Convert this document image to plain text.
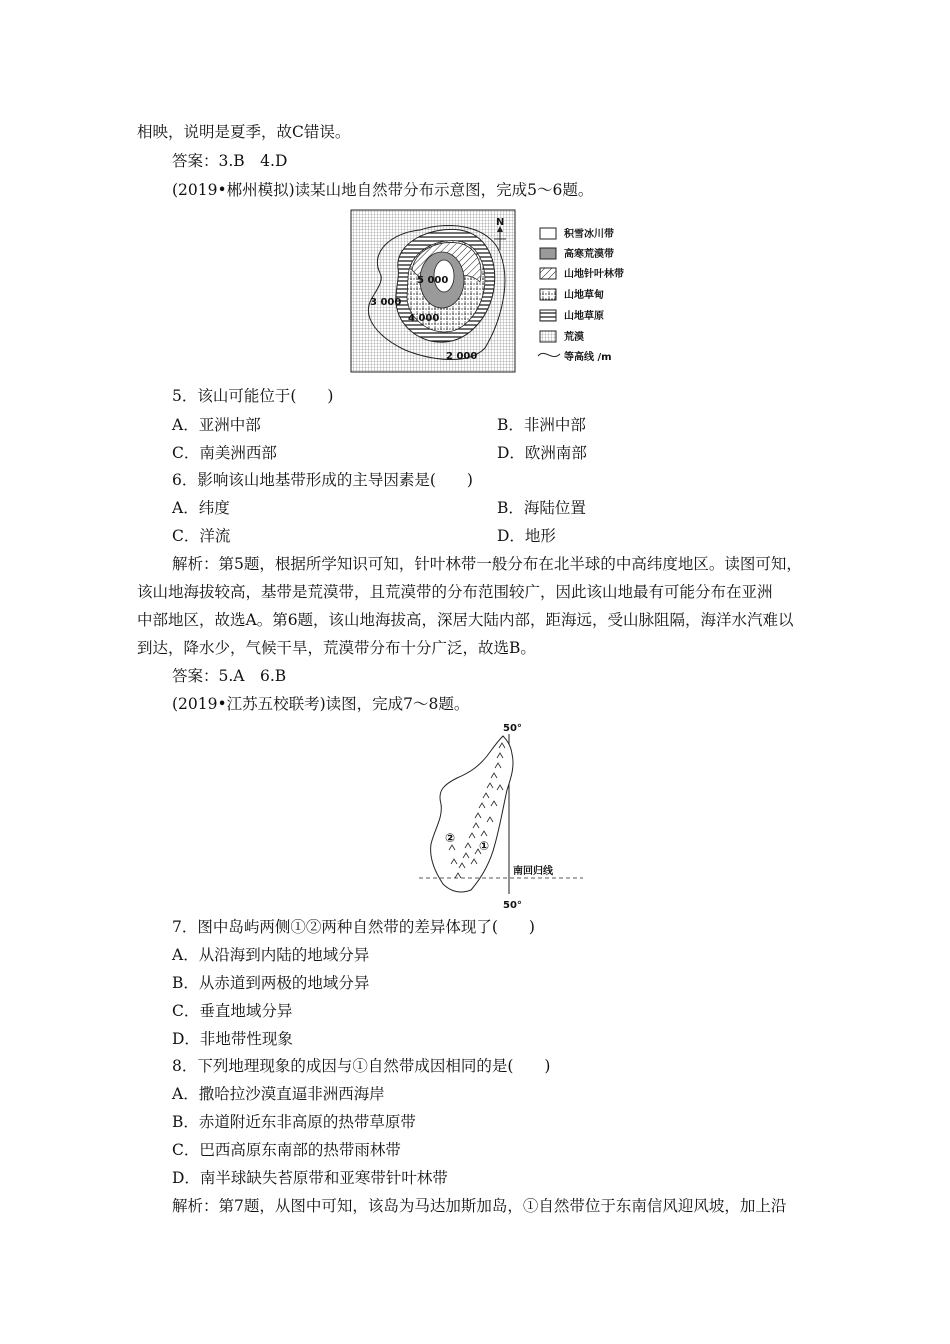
相映，说明是夏季，故C错误。
答案：3.B　4.D
(2019•郴州模拟)读某山地自然带分布示意图，完成5～6题。
5 000
4 000
3 000
2 000
N
积雪冰川带
高寒荒漠带
山地针叶林带
山地草甸
山地草原
荒漠
等高线 /m
5．该山可能位于(　　)
A．亚洲中部	B．非洲中部
C．南美洲西部	D．欧洲南部
6．影响该山地基带形成的主导因素是(　　)
A．纬度	B．海陆位置
C．洋流	D．地形
解析：第5题，根据所学知识可知，针叶林带一般分布在北半球的中高纬度地区。读图可知，
该山地海拔较高，基带是荒漠带，且荒漠带的分布范围较广，因此该山地最有可能分布在亚洲
中部地区，故选A。第6题，该山地海拔高，深居大陆内部，距海远，受山脉阻隔，海洋水汽难以
到达，降水少，气候干旱，荒漠带分布十分广泛，故选B。
答案：5.A　6.B
(2019•江苏五校联考)读图，完成7～8题。
50°
50°
②
①
南回归线
7．图中岛屿两侧①②两种自然带的差异体现了(　　)
A．从沿海到内陆的地域分异
B．从赤道到两极的地域分异
C．垂直地域分异
D．非地带性现象
8．下列地理现象的成因与①自然带成因相同的是(　　)
A．撒哈拉沙漠直逼非洲西海岸
B．赤道附近东非高原的热带草原带
C．巴西高原东南部的热带雨林带
D．南半球缺失苔原带和亚寒带针叶林带
解析：第7题，从图中可知，该岛为马达加斯加岛，①自然带位于东南信风迎风坡，加上沿
